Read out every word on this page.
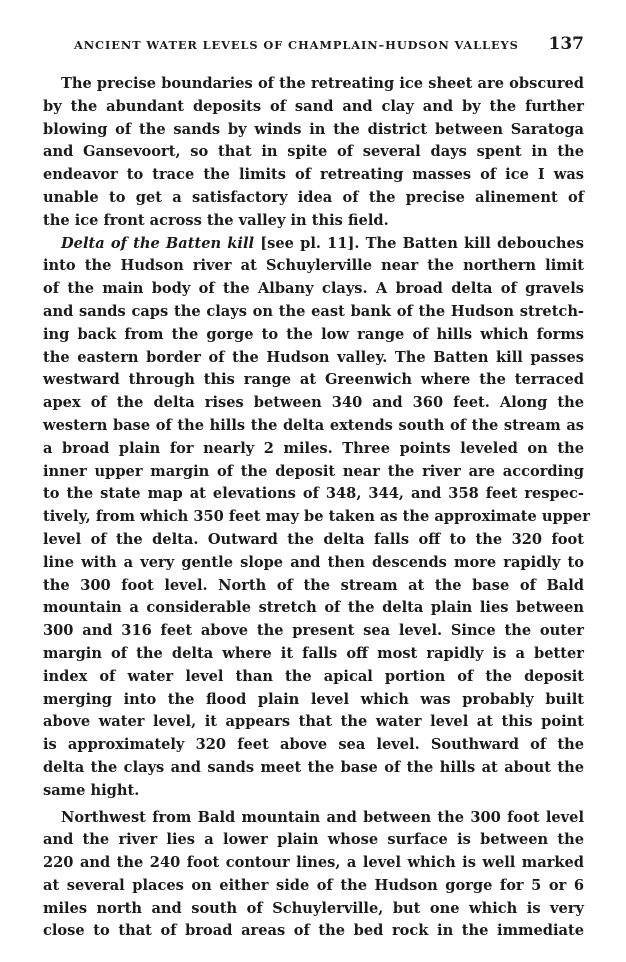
ANCIENT WATER LEVELS OF CHAMPLAIN–HUDSON VALLEYS 137
The precise boundaries of the retreating ice sheet are obscured
by the abundant deposits of sand and clay and by the further
blowing of the sands by winds in the district between Saratoga
and Gansevoort, so that in spite of several days spent in the
endeavor to trace the limits of retreating masses of ice I was
unable to get a satisfactory idea of the precise alinement of
the ice front across the valley in this field.
Delta of the Batten kill [see pl. 11]. The Batten kill debouches
into the Hudson river at Schuylerville near the northern limit
of the main body of the Albany clays. A broad delta of gravels
and sands caps the clays on the east bank of the Hudson stretch-
ing back from the gorge to the low range of hills which forms
the eastern border of the Hudson valley. The Batten kill passes
westward through this range at Greenwich where the terraced
apex of the delta rises between 340 and 360 feet. Along the
western base of the hills the delta extends south of the stream as
a broad plain for nearly 2 miles. Three points leveled on the
inner upper margin of the deposit near the river are according
to the state map at elevations of 348, 344, and 358 feet respec-
tively, from which 350 feet may be taken as the approximate upper
level of the delta. Outward the delta falls off to the 320 foot
line with a very gentle slope and then descends more rapidly to
the 300 foot level. North of the stream at the base of Bald
mountain a considerable stretch of the delta plain lies between
300 and 316 feet above the present sea level. Since the outer
margin of the delta where it falls off most rapidly is a better
index of water level than the apical portion of the deposit
merging into the flood plain level which was probably built
above water level, it appears that the water level at this point
is approximately 320 feet above sea level. Southward of the
delta the clays and sands meet the base of the hills at about the
same hight.
Northwest from Bald mountain and between the 300 foot level
and the river lies a lower plain whose surface is between the
220 and the 240 foot contour lines, a level which is well marked
at several places on either side of the Hudson gorge for 5 or 6
miles north and south of Schuylerville, but one which is very
close to that of broad areas of the bed rock in the immediate
